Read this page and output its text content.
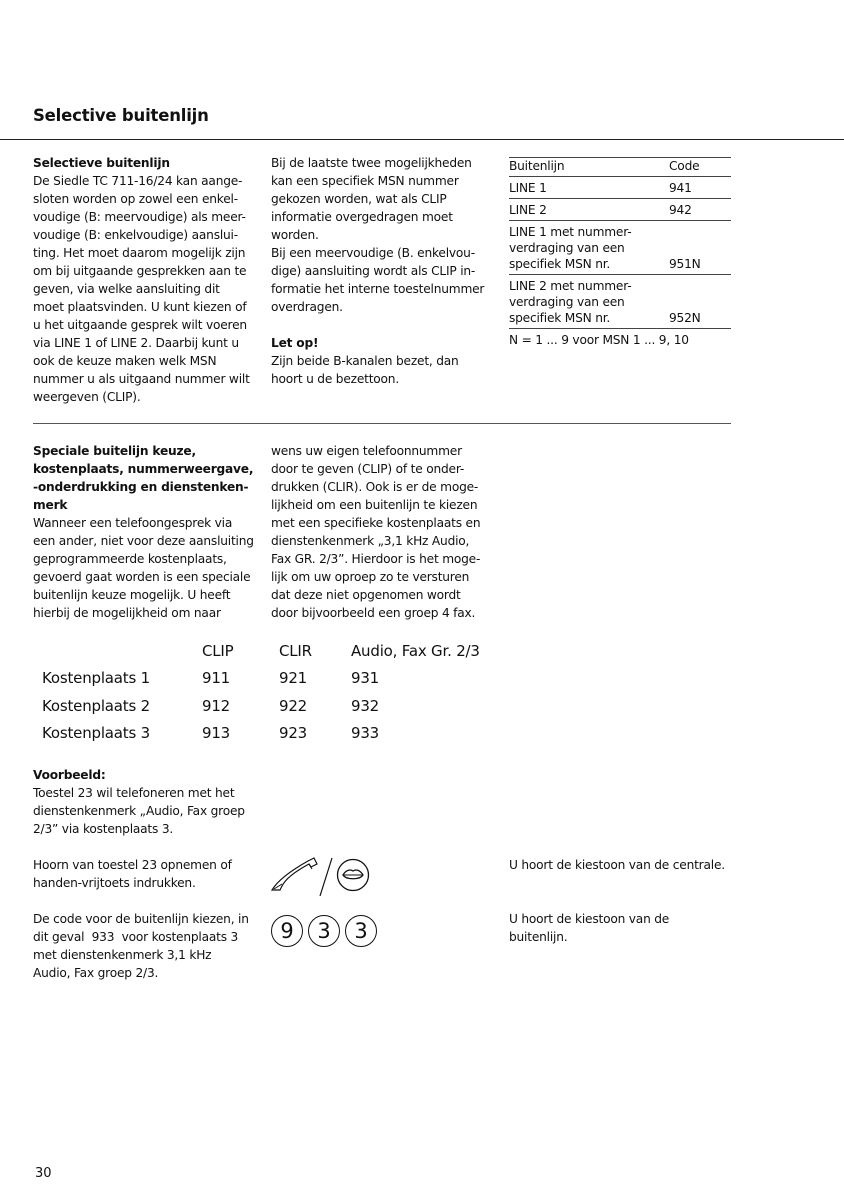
Selective buitenlijn
Selectieve buitenlijn
De Siedle TC 711-16/24 kan aange-
sloten worden op zowel een enkel-
voudige (B: meervoudige) als meer-
voudige (B: enkelvoudige) aanslui-
ting. Het moet daarom mogelijk zijn
om bij uitgaande gesprekken aan te
geven, via welke aansluiting dit
moet plaatsvinden. U kunt kiezen of
u het uitgaande gesprek wilt voeren
via LINE 1 of LINE 2. Daarbij kunt u
ook de keuze maken welk MSN
nummer u als uitgaand nummer wilt
weergeven (CLIP).
Bij de laatste twee mogelijkheden
kan een specifiek MSN nummer
gekozen worden, wat als CLIP
informatie overgedragen moet
worden.
Bij een meervoudige (B. enkelvou-
dige) aansluiting wordt als CLIP in-
formatie het interne toestelnummer
overdragen.
Let op!
Zijn beide B-kanalen bezet, dan
hoort u de bezettoon.
Buitenlijn	Code
LINE 1	941
LINE 2	942

LINE 1 met nummer-
verdraging van een
specifiek MSN nr.	951N

LINE 2 met nummer-
verdraging van een
specifiek MSN nr.	952N
N = 1 ... 9 voor MSN 1 ... 9, 10	
Speciale buitelijn keuze,
kostenplaats, nummerweergave,
-onderdrukking en dienstenken-
merk
Wanneer een telefoongesprek via
een ander, niet voor deze aansluiting
geprogrammeerde kostenplaats,
gevoerd gaat worden is een speciale
buitenlijn keuze mogelijk. U heeft
hierbij de mogelijkheid om naar
wens uw eigen telefoonnummer
door te geven (CLIP) of te onder-
drukken (CLIR). Ook is er de moge-
lijkheid om een buitenlijn te kiezen
met een specifieke kostenplaats en
dienstenkenmerk „3,1 kHz Audio,
Fax GR. 2/3”. Hierdoor is het moge-
lijk om uw oproep zo te versturen
dat deze niet opgenomen wordt
door bijvoorbeeld een groep 4 fax.
	CLIP	CLIR	Audio, Fax Gr. 2/3
Kostenplaats 1	911	921	931
Kostenplaats 2	912	922	932
Kostenplaats 3	913	923	933
Voorbeeld:
Toestel 23 wil telefoneren met het
dienstenkenmerk „Audio, Fax groep
2/3” via kostenplaats 3.
Hoorn van toestel 23 opnemen of
handen-vrijtoets indrukken.
U hoort de kiestoon van de centrale.
De code voor de buitenlijn kiezen, in
dit geval  933  voor kostenplaats 3
met dienstenkenmerk 3,1 kHz
Audio, Fax groep 2/3.
9 3 3	U hoort de kiestoon van de
buitenlijn.
30
